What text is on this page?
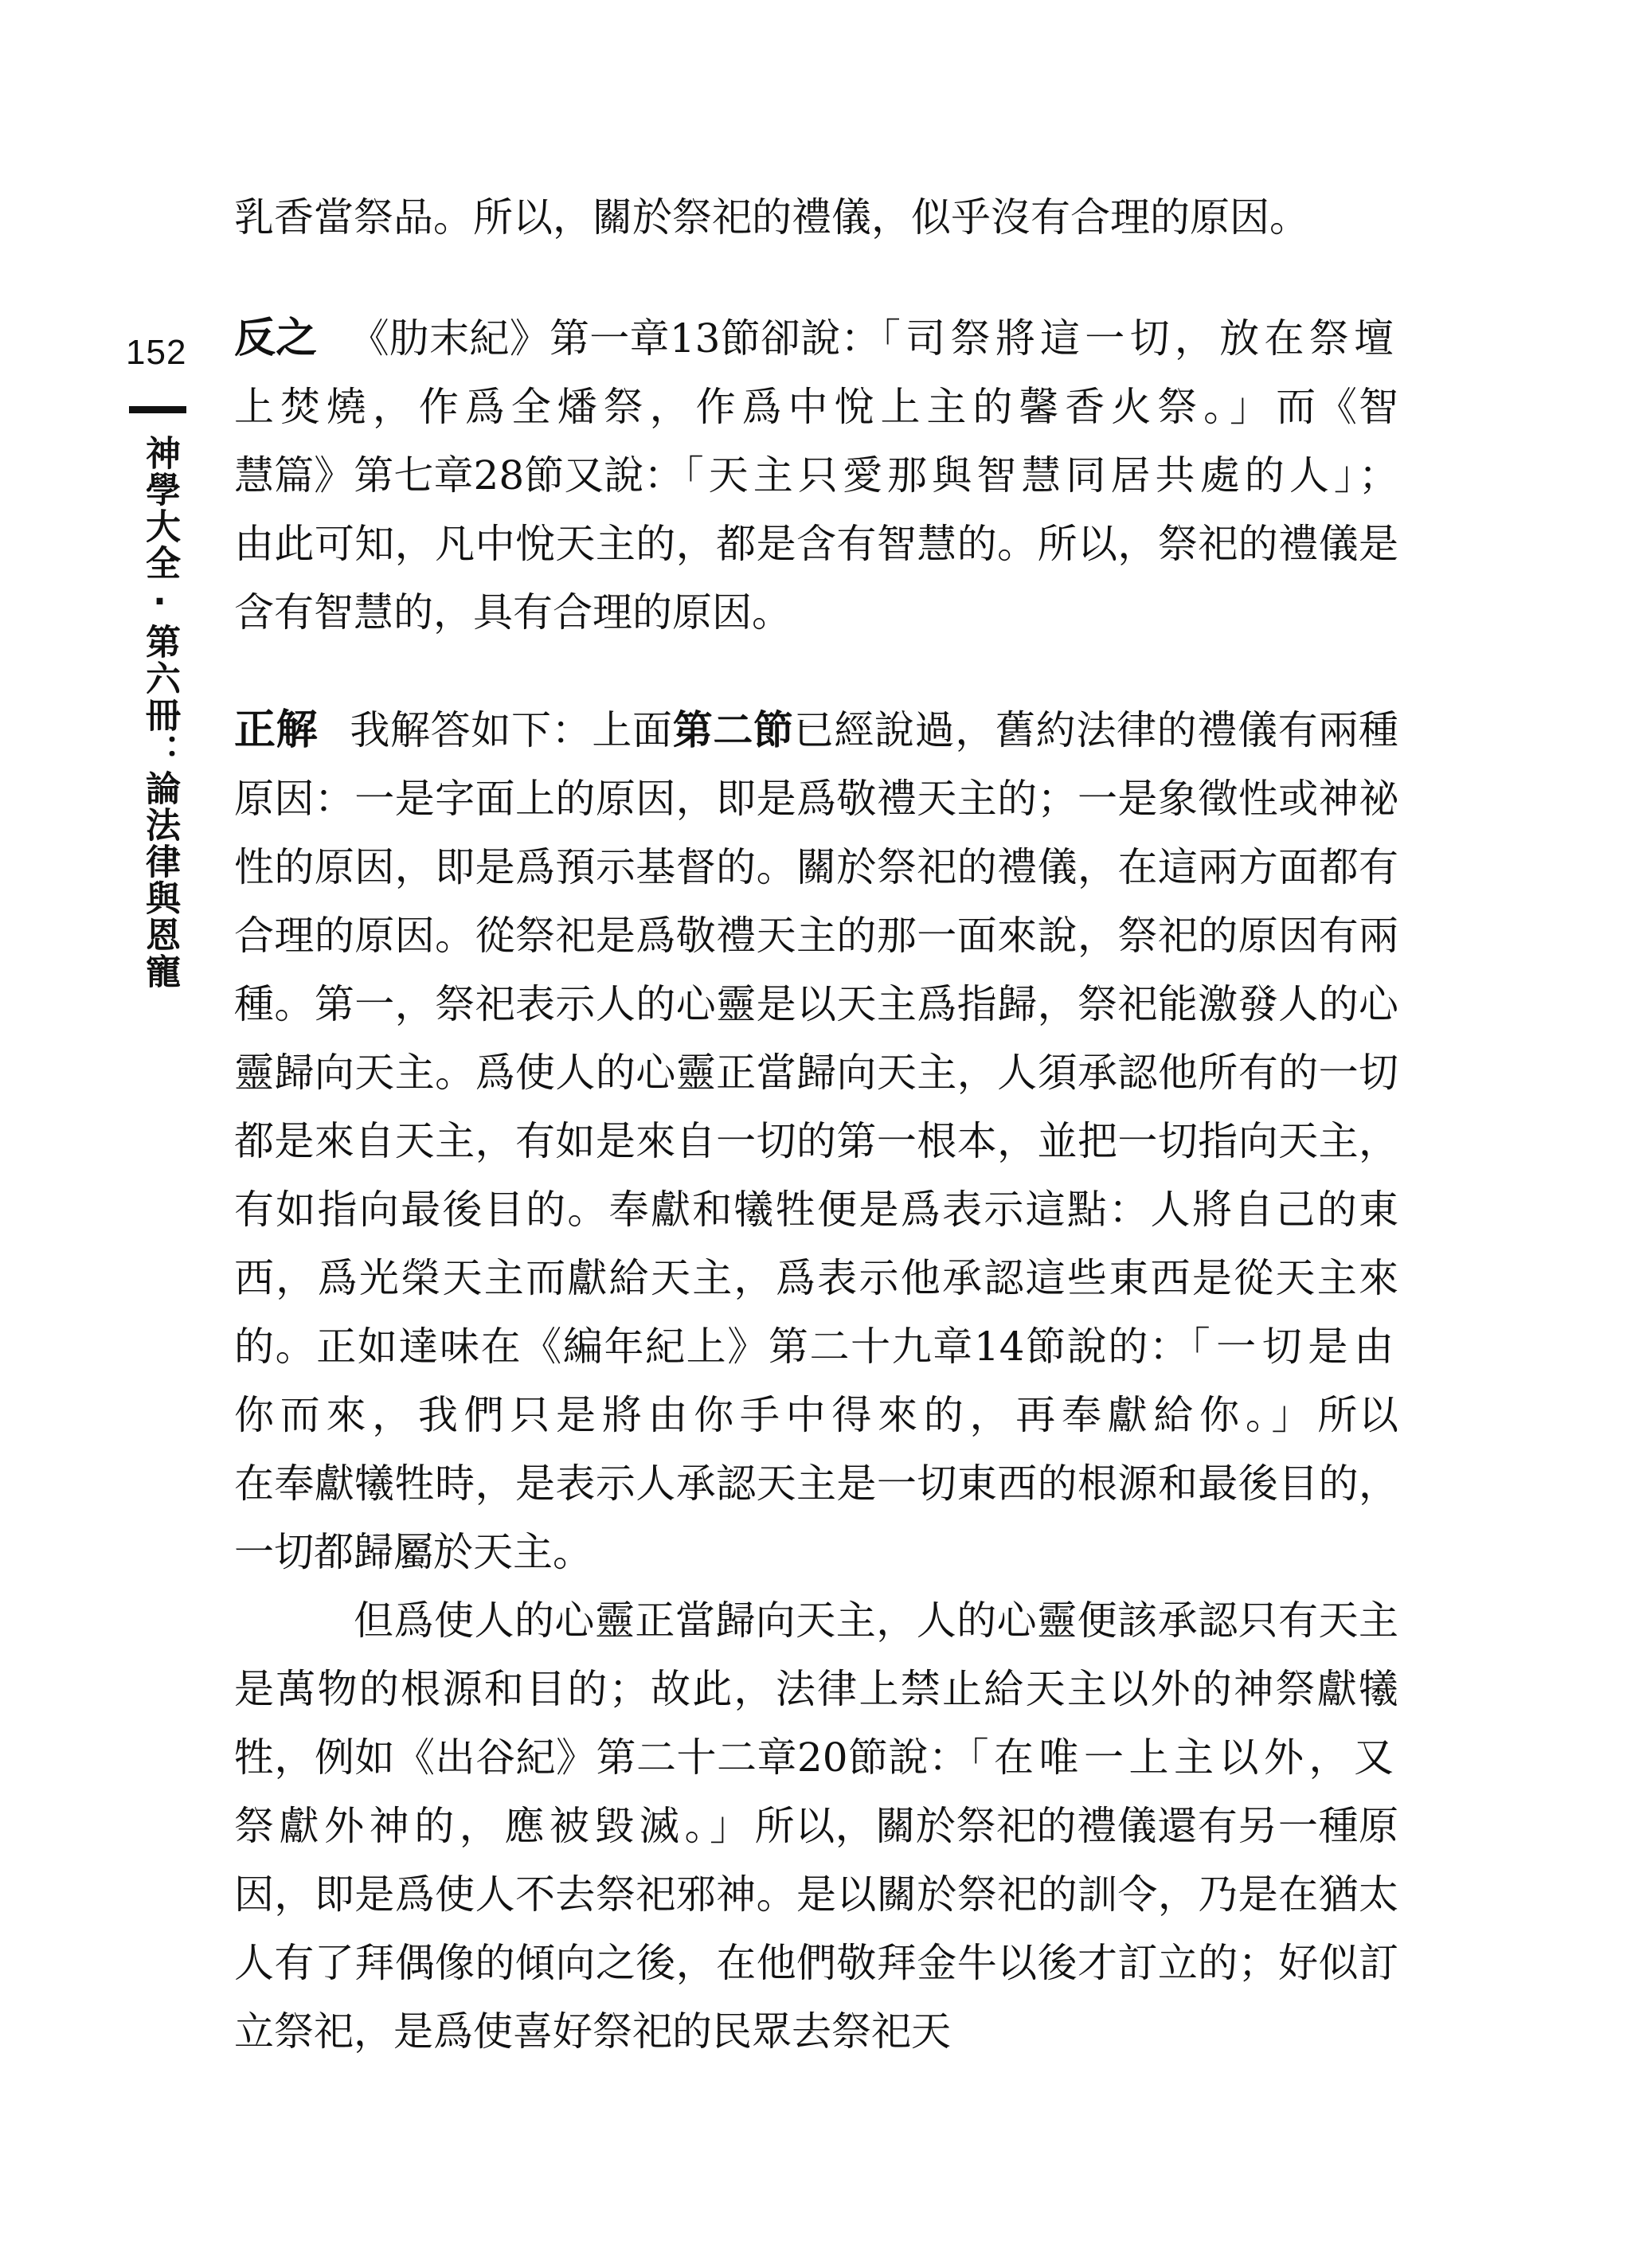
152
神學大全·第六冊：論法律與恩寵

乳香當祭品。所以，關於祭祀的禮儀，似乎沒有合理的原因。

反之 《肋末紀》第一章13節卻說：「司祭將這一切，放在祭壇上焚燒，作爲全燔祭，作爲中悅上主的馨香火祭。」而《智慧篇》第七章28節又說：「天主只愛那與智慧同居共處的人」；由此可知，凡中悅天主的，都是含有智慧的。所以，祭祀的禮儀是含有智慧的，具有合理的原因。

正解 我解答如下：上面第二節已經說過，舊約法律的禮儀有兩種原因：一是字面上的原因，即是爲敬禮天主的；一是象徵性或神祕性的原因，即是爲預示基督的。關於祭祀的禮儀，在這兩方面都有合理的原因。從祭祀是爲敬禮天主的那一面來說，祭祀的原因有兩種。第一，祭祀表示人的心靈是以天主爲指歸，祭祀能激發人的心靈歸向天主。爲使人的心靈正當歸向天主，人須承認他所有的一切都是來自天主，有如是來自一切的第一根本，並把一切指向天主，有如指向最後目的。奉獻和犧牲便是爲表示這點：人將自己的東西，爲光榮天主而獻給天主，爲表示他承認這些東西是從天主來的。正如達味在《編年紀上》第二十九章14節說的：「一切是由你而來，我們只是將由你手中得來的，再奉獻給你。」所以在奉獻犧牲時，是表示人承認天主是一切東西的根源和最後目的，一切都歸屬於天主。

但爲使人的心靈正當歸向天主，人的心靈便該承認只有天主是萬物的根源和目的；故此，法律上禁止給天主以外的神祭獻犧牲，例如《出谷紀》第二十二章20節說：「在唯一上主以外，又祭獻外神的，應被毀滅。」所以，關於祭祀的禮儀還有另一種原因，即是爲使人不去祭祀邪神。是以關於祭祀的訓令，乃是在猶太人有了拜偶像的傾向之後，在他們敬拜金牛以後才訂立的；好似訂立祭祀，是爲使喜好祭祀的民眾去祭祀天
